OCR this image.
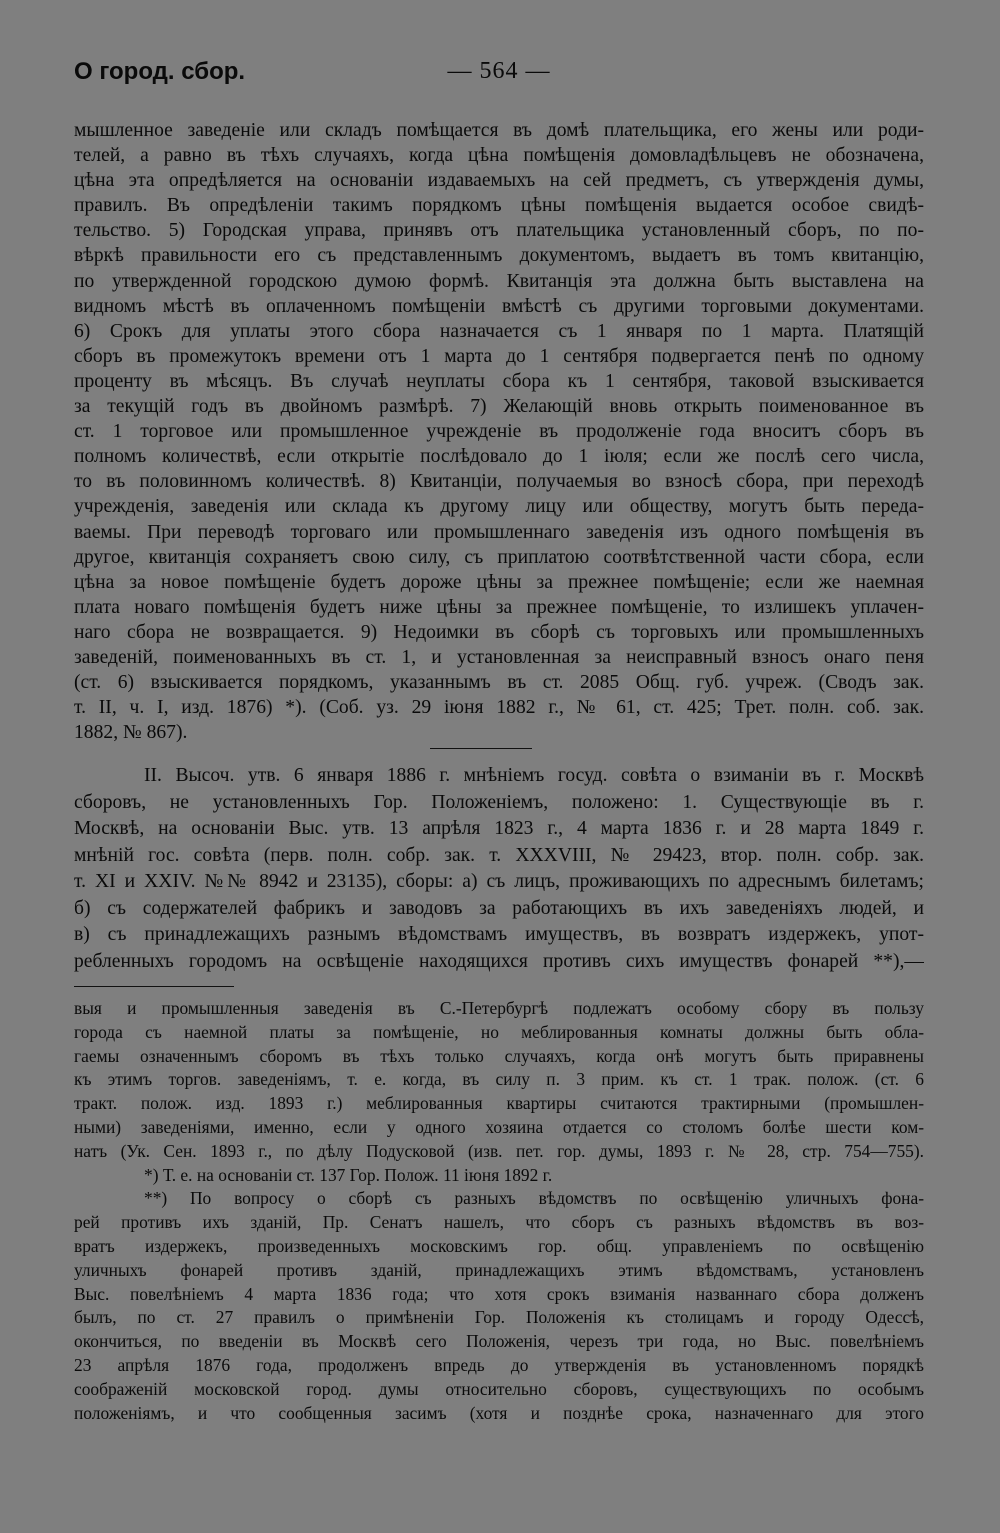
О город. сбор.	— 564 —
мышленное заведеніе или складъ помѣщается въ домѣ плательщика, его жены или роди-
телей, а равно въ тѣхъ случаяхъ, когда цѣна помѣщенія домовладѣльцевъ не обозначена,
цѣна эта опредѣляется на основаніи издаваемыхъ на сей предметъ, съ утвержденія думы,
правилъ. Въ опредѣленіи такимъ порядкомъ цѣны помѣщенія выдается особое свидѣ-
тельство. 5) Городская управа, принявъ отъ плательщика установленный сборъ, по по-
вѣркѣ правильности его съ представленнымъ документомъ, выдаетъ въ томъ квитанцію,
по утвержденной городскою думою формѣ. Квитанція эта должна быть выставлена на
видномъ мѣстѣ въ оплаченномъ помѣщеніи вмѣстѣ съ другими торговыми документами.
6) Срокъ для уплаты этого сбора назначается съ 1 января по 1 марта. Платящій
сборъ въ промежутокъ времени отъ 1 марта до 1 сентября подвергается пенѣ по одному
проценту въ мѣсяцъ. Въ случаѣ неуплаты сбора къ 1 сентября, таковой взыскивается
за текущій годъ въ двойномъ размѣрѣ. 7) Желающій вновь открыть поименованное въ
ст. 1 торговое или промышленное учрежденіе въ продолженіе года вноситъ сборъ въ
полномъ количествѣ, если открытіе послѣдовало до 1 іюля; если же послѣ сего числа,
то въ половинномъ количествѣ. 8) Квитанціи, получаемыя во взносѣ сбора, при переходѣ
учрежденія, заведенія или склада къ другому лицу или обществу, могутъ быть переда-
ваемы. При переводѣ торговаго или промышленнаго заведенія изъ одного помѣщенія въ
другое, квитанція сохраняетъ свою силу, съ приплатою соотвѣтственной части сбора, если
цѣна за новое помѣщеніе будетъ дороже цѣны за прежнее помѣщеніе; если же наемная
плата новаго помѣщенія будетъ ниже цѣны за прежнее помѣщеніе, то излишекъ уплачен-
наго сбора не возвращается. 9) Недоимки въ сборѣ съ торговыхъ или промышленныхъ
заведеній, поименованныхъ въ ст. 1, и установленная за неисправный взносъ онаго пеня
(ст. 6) взыскивается порядкомъ, указаннымъ въ ст. 2085 Общ. губ. учреж. (Сводъ зак.
т. II, ч. I, изд. 1876) *). (Соб. уз. 29 іюня 1882 г., № 61, ст. 425; Трет. полн. соб. зак.
1882, № 867).
II. Высоч. утв. 6 января 1886 г. мнѣніемъ госуд. совѣта о взиманіи въ г. Москвѣ
сборовъ, не установленныхъ Гор. Положеніемъ, положено: 1. Существующіе въ г.
Москвѣ, на основаніи Выс. утв. 13 апрѣля 1823 г., 4 марта 1836 г. и 28 марта 1849 г.
мнѣній гос. совѣта (перв. полн. собр. зак. т. XXXVIII, № 29423, втор. полн. собр. зак.
т. XI и XXIV. №№ 8942 и 23135), сборы: а) съ лицъ, проживающихъ по адреснымъ билетамъ;
б) съ содержателей фабрикъ и заводовъ за работающихъ въ ихъ заведеніяхъ людей, и
в) съ принадлежащихъ разнымъ вѣдомствамъ имуществъ, въ возвратъ издержекъ, упот-
ребленныхъ городомъ на освѣщеніе находящихся противъ сихъ имуществъ фонарей **),—
выя и промышленныя заведенія въ С.-Петербургѣ подлежатъ особому сбору въ пользу
города съ наемной платы за помѣщеніе, но меблированныя комнаты должны быть обла-
гаемы означеннымъ сборомъ въ тѣхъ только случаяхъ, когда онѣ могутъ быть приравнены
къ этимъ торгов. заведеніямъ, т. е. когда, въ силу п. 3 прим. къ ст. 1 трак. полож. (ст. 6
тракт. полож. изд. 1893 г.) меблированныя квартиры считаются трактирными (промышлен-
ными) заведеніями, именно, если у одного хозяина отдается со столомъ болѣе шести ком-
натъ (Ук. Сен. 1893 г., по дѣлу Подусковой (изв. пет. гор. думы, 1893 г. № 28, стр. 754—755).
*) Т. е. на основаніи ст. 137 Гор. Полож. 11 іюня 1892 г.
**) По вопросу о сборѣ съ разныхъ вѣдомствъ по освѣщенію уличныхъ фона-
рей противъ ихъ зданій, Пр. Сенатъ нашелъ, что сборъ съ разныхъ вѣдомствъ въ воз-
вратъ издержекъ, произведенныхъ московскимъ гор. общ. управленіемъ по освѣщенію
уличныхъ фонарей противъ зданій, принадлежащихъ этимъ вѣдомствамъ, установленъ
Выс. повелѣніемъ 4 марта 1836 года; что хотя срокъ взиманія названнаго сбора долженъ
былъ, по ст. 27 правилъ о примѣненіи Гор. Положенія къ столицамъ и городу Одессѣ,
окончиться, по введеніи въ Москвѣ сего Положенія, черезъ три года, но Выс. повелѣніемъ
23 апрѣля 1876 года, продолженъ впредь до утвержденія въ установленномъ порядкѣ
соображеній московской город. думы относительно сборовъ, существующихъ по особымъ
положеніямъ, и что сообщенныя засимъ (хотя и позднѣе срока, назначеннаго для этого
